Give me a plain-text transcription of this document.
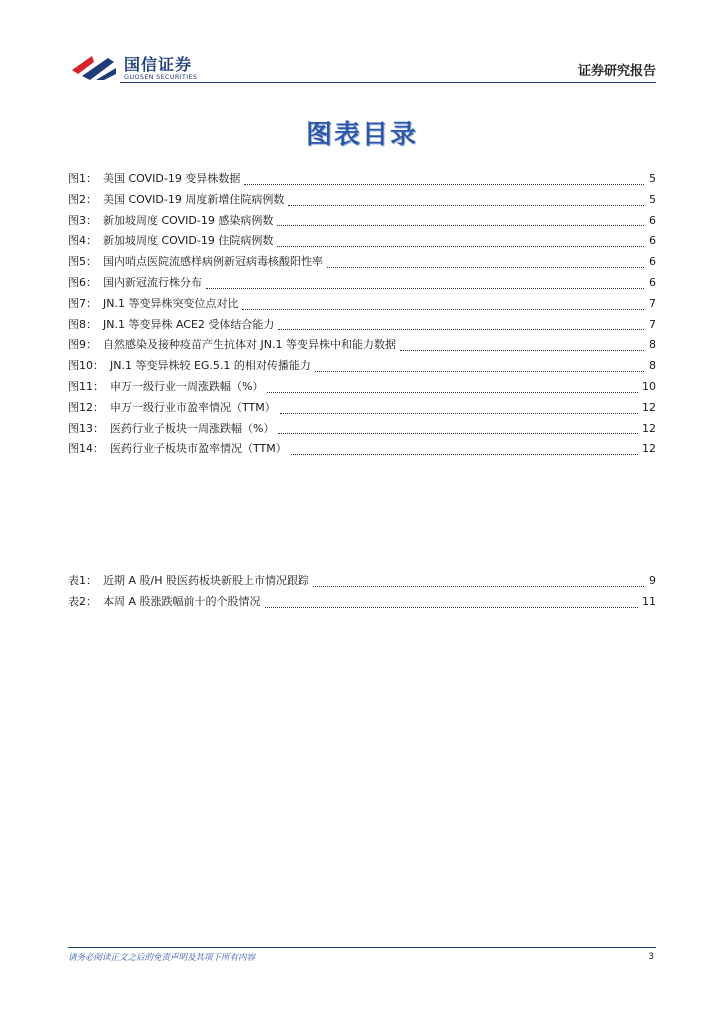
国信证券
GUOSEN SECURITIES	证券研究报告
图表目录
图1： 美国 COVID-19 变异株数据	5
图2： 美国 COVID-19 周度新增住院病例数	5
图3： 新加坡周度 COVID-19 感染病例数	6
图4： 新加坡周度 COVID-19 住院病例数	6
图5： 国内哨点医院流感样病例新冠病毒核酸阳性率	6
图6： 国内新冠流行株分布	6
图7： JN.1 等变异株突变位点对比	7
图8： JN.1 等变异株 ACE2 受体结合能力	7
图9： 自然感染及接种疫苗产生抗体对 JN.1 等变异株中和能力数据	8
图10： JN.1 等变异株较 EG.5.1 的相对传播能力	8
图11： 申万一级行业一周涨跌幅（%）	10
图12： 申万一级行业市盈率情况（TTM）	12
图13： 医药行业子板块一周涨跌幅（%）	12
图14： 医药行业子板块市盈率情况（TTM）	12
表1： 近期 A 股/H 股医药板块新股上市情况跟踪	9
表2： 本周 A 股涨跌幅前十的个股情况	11
请务必阅读正文之后的免责声明及其项下所有内容	3
